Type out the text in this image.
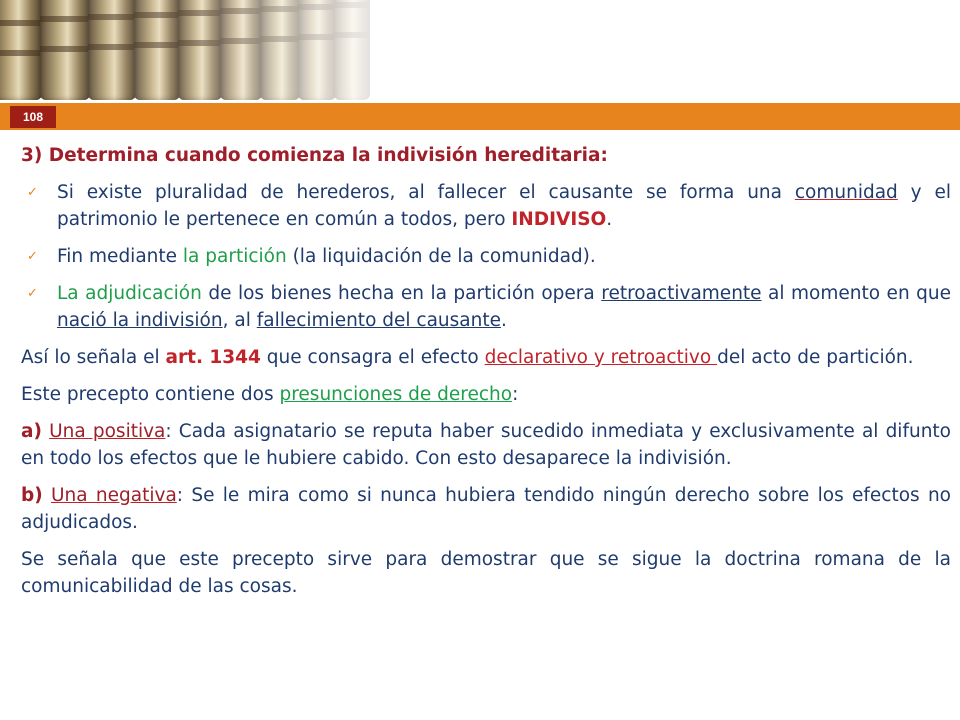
108
3) Determina cuando comienza la indivisión hereditaria:
✓ Si existe pluralidad de herederos, al fallecer el causante se forma una comunidad y el patrimonio le pertenece en común a todos, pero INDIVISO.
✓ Fin mediante la partición (la liquidación de la comunidad).
✓ La adjudicación de los bienes hecha en la partición opera retroactivamente al momento en que nació la indivisión, al fallecimiento del causante.
Así lo señala el art. 1344 que consagra el efecto declarativo y retroactivo del acto de partición.
Este precepto contiene dos presunciones de derecho:
a) Una positiva: Cada asignatario se reputa haber sucedido inmediata y exclusivamente al difunto en todo los efectos que le hubiere cabido. Con esto desaparece la indivisión.
b) Una negativa: Se le mira como si nunca hubiera tendido ningún derecho sobre los efectos no adjudicados.
Se señala que este precepto sirve para demostrar que se sigue la doctrina romana de la comunicabilidad de las cosas.
